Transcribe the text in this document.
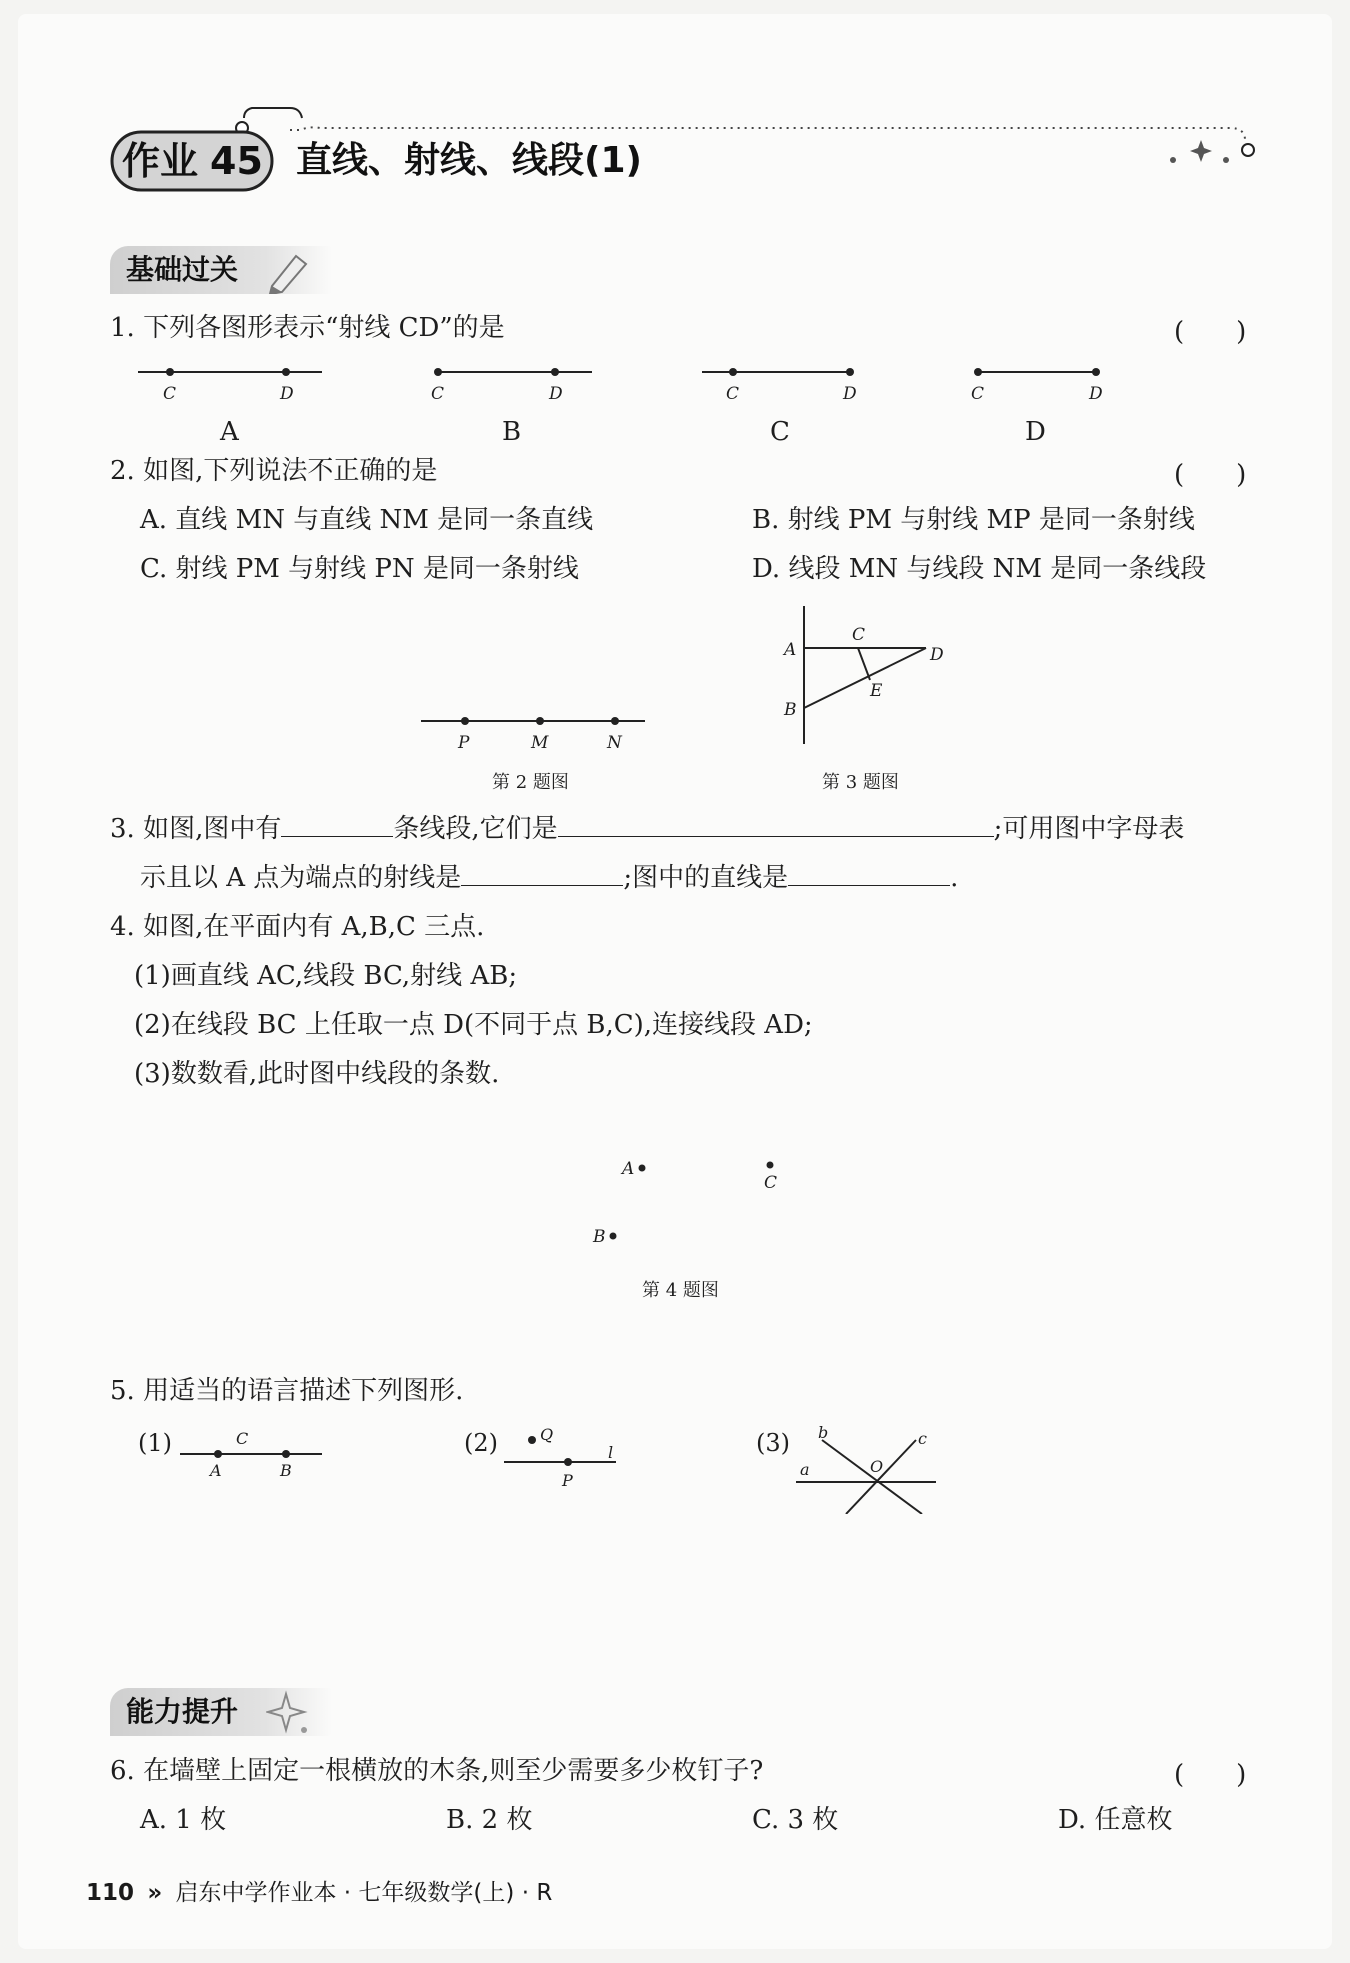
作业 45 直线、射线、线段(1)
基础过关
1. 下列各图形表示“射线 CD”的是	(　　)
C	D	C	D	C	D	C	D
A	B	C	D
2. 如图,下列说法不正确的是	(　　)
A. 直线 MN 与直线 NM 是同一条直线	B. 射线 PM 与射线 MP 是同一条射线
C. 射线 PM 与射线 PN 是同一条射线	D. 线段 MN 与线段 NM 是同一条线段
P	M	N
第 2 题图
A
B
C
D
E
第 3 题图
3. 如图,图中有	条线段,它们是	;可用图中字母表
示且以 A 点为端点的射线是	;图中的直线是	.
4. 如图,在平面内有 A,B,C 三点.
(1)画直线 AC,线段 BC,射线 AB;
(2)在线段 BC 上任取一点 D(不同于点 B,C),连接线段 AD;
(3)数数看,此时图中线段的条数.
A
B
C
第 4 题图
5. 用适当的语言描述下列图形.
(1)	(2)	(3)
C
A	B
Q
l
P
b	c
a	O
能力提升
6. 在墙壁上固定一根横放的木条,则至少需要多少枚钉子?	(　　)
A. 1 枚	B. 2 枚	C. 3 枚	D. 任意枚
110 » 启东中学作业本 · 七年级数学(上) · R
